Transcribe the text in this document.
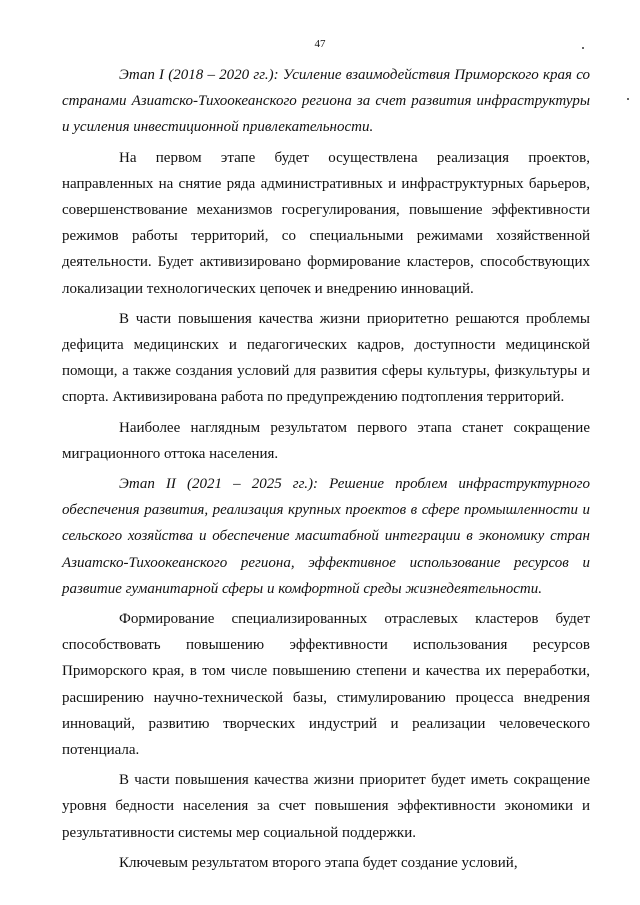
47

Этап I (2018 – 2020 гг.): Усиление взаимодействия Приморского края со странами Азиатско-Тихоокеанского региона за счет развития инфраструктуры и усиления инвестиционной привлекательности.

На первом этапе будет осуществлена реализация проектов, направленных на снятие ряда административных и инфраструктурных барьеров, совершенствование механизмов госрегулирования, повышение эффективности режимов работы территорий, со специальными режимами хозяйственной деятельности. Будет активизировано формирование кластеров, способствующих локализации технологических цепочек и внедрению инноваций.

В части повышения качества жизни приоритетно решаются проблемы дефицита медицинских и педагогических кадров, доступности медицинской помощи, а также создания условий для развития сферы культуры, физкультуры и спорта. Активизирована работа по предупреждению подтопления территорий.

Наиболее наглядным результатом первого этапа станет сокращение миграционного оттока населения.

Этап II (2021 – 2025 гг.): Решение проблем инфраструктурного обеспечения развития, реализация крупных проектов в сфере промышленности и сельского хозяйства и обеспечение масштабной интеграции в экономику стран Азиатско-Тихоокеанского региона, эффективное использование ресурсов и развитие гуманитарной сферы и комфортной среды жизнедеятельности.

Формирование специализированных отраслевых кластеров будет способствовать повышению эффективности использования ресурсов Приморского края, в том числе повышению степени и качества их переработки, расширению научно-технической базы, стимулированию процесса внедрения инноваций, развитию творческих индустрий и реализации человеческого потенциала.

В части повышения качества жизни приоритет будет иметь сокращение уровня бедности населения за счет повышения эффективности экономики и результативности системы мер социальной поддержки.

Ключевым результатом второго этапа будет создание условий,
